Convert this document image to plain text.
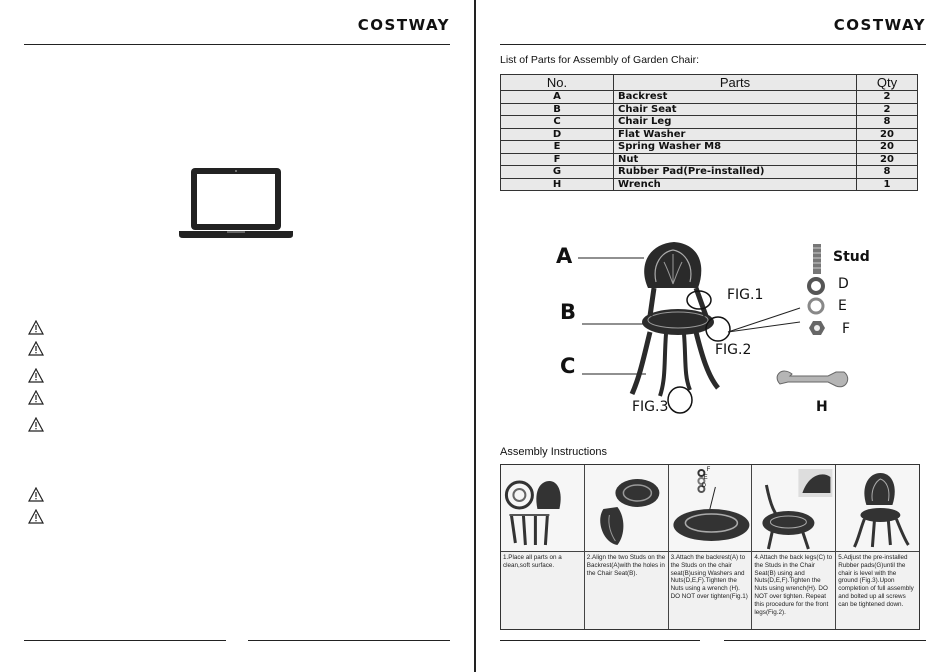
COSTWAY	COSTWAY
List of Parts for Assembly of Garden Chair:
No.	Parts	Qty
A	Backrest	2
B	Chair Seat	2
C	Chair Leg	8
D	Flat Washer	20
E	Spring Washer M8	20
F	Nut	20
G	Rubber Pad(Pre-installed)	8
H	Wrench	1
A
B
C
FIG.1
FIG.2
FIG.3
Stud
D
E
F
H
Assembly Instructions
1.Place all parts on a clean,soft surface.
2.Align the two Studs on the Backrest(A)with the holes in the Chair Seat(B).
F
E
D
3.Attach the backrest(A) to the Studs on the chair seat(B)using Washers and Nuts(D,E,F).Tighten the Nuts using a wrench (H). DO NOT over tighten(Fig.1)
4.Attach the back legs(C) to the Studs in the Chair Seat(B) using and Nuts(D,E,F).Tighten the Nuts using wrench(H). DO NOT over tighten. Repeat this procedure for the front legs(Fig.2).
5.Adjust the pre-installed Rubber pads(G)until the chair is level with the ground (Fig.3).Upon completion of full assembly and bolted up all screws can be tightened down.
